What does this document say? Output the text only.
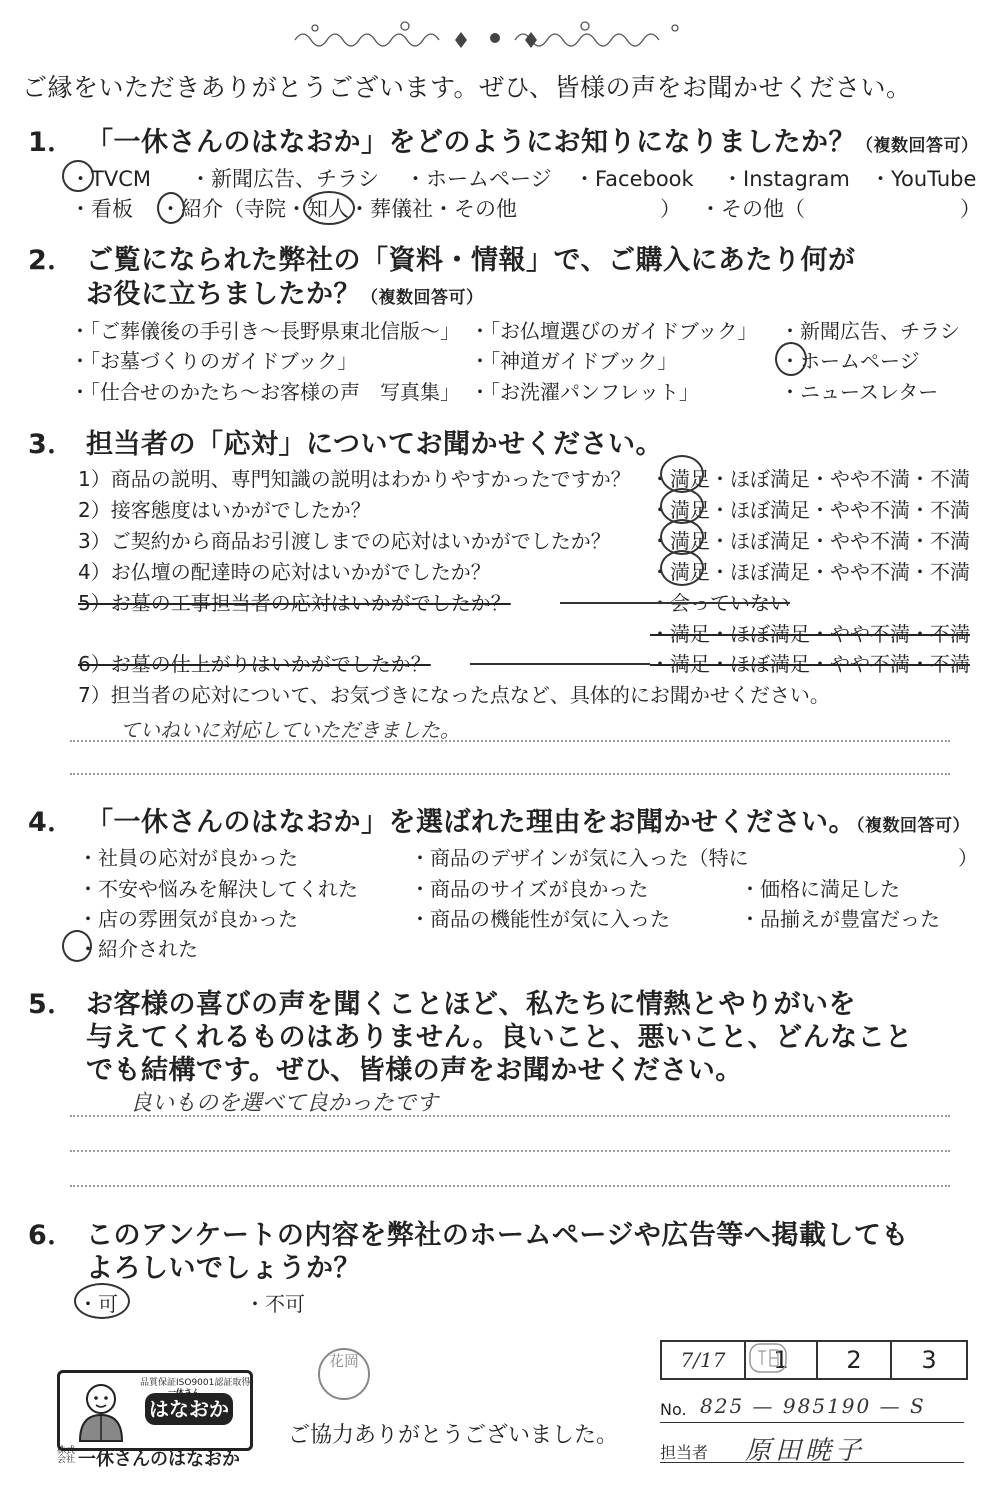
ご縁をいただきありがとうございます。ぜひ、皆様の声をお聞かせください。
1． 「一休さんのはなおか」をどのようにお知りになりましたか？（複数回答可）
・TVCM ・新聞広告、チラシ ・ホームページ ・Facebook ・Instagram ・YouTube
・看板 ・紹介（寺院・知人・葬儀社・その他	） ・その他（	）
2． ご覧になられた弊社の「資料・情報」で、ご購入にあたり何が
お役に立ちましたか？（複数回答可）
・「ご葬儀後の手引き～長野県東北信版～」 ・「お仏壇選びのガイドブック」 ・新聞広告、チラシ
・「お墓づくりのガイドブック」	・「神道ガイドブック」	・ホームページ
・「仕合せのかたち～お客様の声　写真集」 ・「お洗濯パンフレット」	・ニュースレター
3． 担当者の「応対」についてお聞かせください。
1）商品の説明、専門知識の説明はわかりやすかったですか？ ・満足・ほぼ満足・やや不満・不満
2）接客態度はいかがでしたか？	・満足・ほぼ満足・やや不満・不満
3）ご契約から商品お引渡しまでの応対はいかがでしたか？ ・満足・ほぼ満足・やや不満・不満
4）お仏壇の配達時の応対はいかがでしたか？	・満足・ほぼ満足・やや不満・不満
5）お墓の工事担当者の応対はいかがでしたか？	・会っていない
・満足・ほぼ満足・やや不満・不満
6）お墓の仕上がりはいかがでしたか？	・満足・ほぼ満足・やや不満・不満
7）担当者の応対について、お気づきになった点など、具体的にお聞かせください。
ていねいに対応していただきました。
4． 「一休さんのはなおか」を選ばれた理由をお聞かせください。（複数回答可）
・社員の応対が良かった	・商品のデザインが気に入った（特に	）
・不安や悩みを解決してくれた	・商品のサイズが良かった	・価格に満足した
・店の雰囲気が良かった	・商品の機能性が気に入った	・品揃えが豊富だった
・紹介された
5． お客様の喜びの声を聞くことほど、私たちに情熱とやりがいを
与えてくれるものはありません。良いこと、悪いこと、どんなこと
でも結構です。ぜひ、皆様の声をお聞かせください。
良いものを選べて良かったです
6． このアンケートの内容を弊社のホームページや広告等へ掲載しても
よろしいでしょうか？
・可	・不可
7/17	1	2	3
No. 825 — 985190 — S
担当者 原田暁子
品質保証ISO9001認証取得
はなおか
株式会社 一休さんのはなおか
花岡
ご協力ありがとうございました。
